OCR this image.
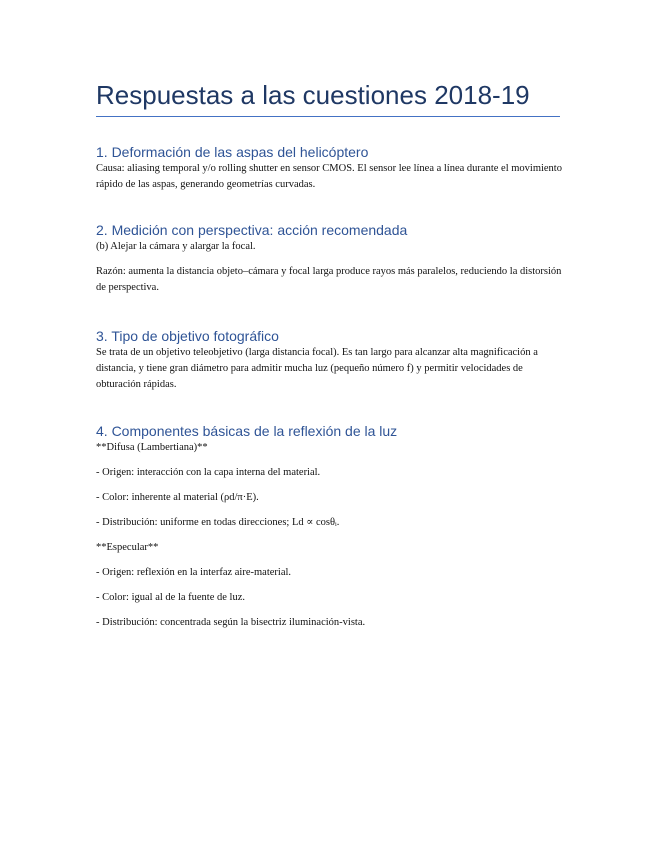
Respuestas a las cuestiones 2018-19
1. Deformación de las aspas del helicóptero

Causa: aliasing temporal y/o rolling shutter en sensor CMOS. El sensor lee línea a línea durante el movimiento rápido de las aspas, generando geometrías curvadas.

2. Medición con perspectiva: acción recomendada

(b) Alejar la cámara y alargar la focal.

Razón: aumenta la distancia objeto–cámara y focal larga produce rayos más paralelos, reduciendo la distorsión de perspectiva.

3. Tipo de objetivo fotográfico

Se trata de un objetivo teleobjetivo (larga distancia focal). Es tan largo para alcanzar alta magnificación a distancia, y tiene gran diámetro para admitir mucha luz (pequeño número f) y permitir velocidades de obturación rápidas.

4. Componentes básicas de la reflexión de la luz

**Difusa (Lambertiana)**

- Origen: interacción con la capa interna del material.

- Color: inherente al material (ρd/π·E).

- Distribución: uniforme en todas direcciones; Ld ∝ cosθᵢ.

**Especular**

- Origen: reflexión en la interfaz aire-material.

- Color: igual al de la fuente de luz.

- Distribución: concentrada según la bisectriz iluminación-vista.
